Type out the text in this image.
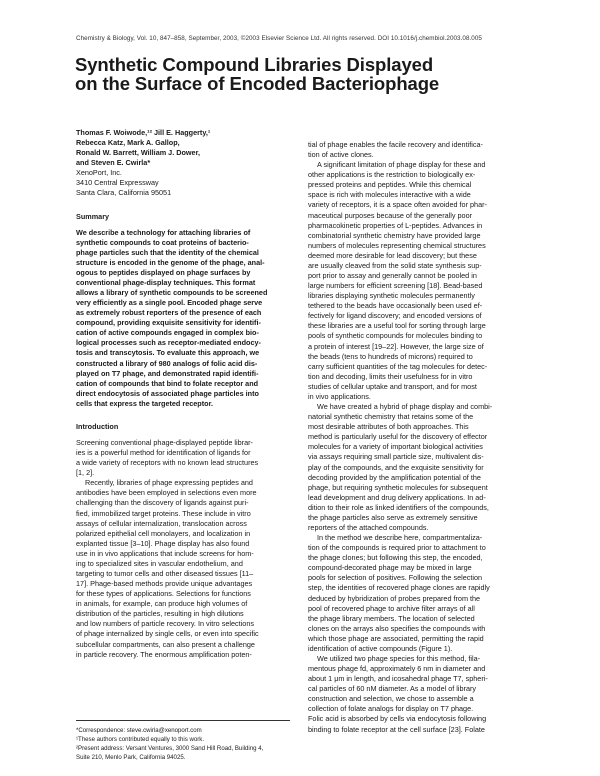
Chemistry & Biology, Vol. 10, 847–858, September, 2003, ©2003 Elsevier Science Ltd. All rights reserved. DOI 10.1016/j.chembiol.2003.08.005
Synthetic Compound Libraries Displayed
on the Surface of Encoded Bacteriophage
Thomas F. Woiwode,¹² Jill E. Haggerty,¹
Rebecca Katz, Mark A. Gallop,
Ronald W. Barrett, William J. Dower,
and Steven E. Cwirla*
XenoPort, Inc.
3410 Central Expressway
Santa Clara, California 95051
Summary
We describe a technology for attaching libraries of
synthetic compounds to coat proteins of bacterio-
phage particles such that the identity of the chemical
structure is encoded in the genome of the phage, anal-
ogous to peptides displayed on phage surfaces by
conventional phage-display techniques. This format
allows a library of synthetic compounds to be screened
very efficiently as a single pool. Encoded phage serve
as extremely robust reporters of the presence of each
compound, providing exquisite sensitivity for identifi-
cation of active compounds engaged in complex bio-
logical processes such as receptor-mediated endocy-
tosis and transcytosis. To evaluate this approach, we
constructed a library of 980 analogs of folic acid dis-
played on T7 phage, and demonstrated rapid identifi-
cation of compounds that bind to folate receptor and
direct endocytosis of associated phage particles into
cells that express the targeted receptor.
Introduction
Screening conventional phage-displayed peptide librar-
ies is a powerful method for identification of ligands for
a wide variety of receptors with no known lead structures
[1, 2].
Recently, libraries of phage expressing peptides and
antibodies have been employed in selections even more
challenging than the discovery of ligands against puri-
fied, immobilized target proteins. These include in vitro
assays of cellular internalization, translocation across
polarized epithelial cell monolayers, and localization in
explanted tissue [3–10]. Phage display has also found
use in in vivo applications that include screens for hom-
ing to specialized sites in vascular endothelium, and
targeting to tumor cells and other diseased tissues [11–
17]. Phage-based methods provide unique advantages
for these types of applications. Selections for functions
in animals, for example, can produce high volumes of
distribution of the particles, resulting in high dilutions
and low numbers of particle recovery. In vitro selections
of phage internalized by single cells, or even into specific
subcellular compartments, can also present a challenge
in particle recovery. The enormous amplification poten-
*Correspondence: steve.cwirla@xenoport.com
¹These authors contributed equally to this work.
²Present address: Versant Ventures, 3000 Sand Hill Road, Building 4,
Suite 210, Menlo Park, California 94025.
tial of phage enables the facile recovery and identifica-
tion of active clones.
A significant limitation of phage display for these and
other applications is the restriction to biologically ex-
pressed proteins and peptides. While this chemical
space is rich with molecules interactive with a wide
variety of receptors, it is a space often avoided for phar-
maceutical purposes because of the generally poor
pharmacokinetic properties of L-peptides. Advances in
combinatorial synthetic chemistry have provided large
numbers of molecules representing chemical structures
deemed more desirable for lead discovery; but these
are usually cleaved from the solid state synthesis sup-
port prior to assay and generally cannot be pooled in
large numbers for efficient screening [18]. Bead-based
libraries displaying synthetic molecules permanently
tethered to the beads have occasionally been used ef-
fectively for ligand discovery; and encoded versions of
these libraries are a useful tool for sorting through large
pools of synthetic compounds for molecules binding to
a protein of interest [19–22]. However, the large size of
the beads (tens to hundreds of microns) required to
carry sufficient quantities of the tag molecules for detec-
tion and decoding, limits their usefulness for in vitro
studies of cellular uptake and transport, and for most
in vivo applications.
We have created a hybrid of phage display and combi-
natorial synthetic chemistry that retains some of the
most desirable attributes of both approaches. This
method is particularly useful for the discovery of effector
molecules for a variety of important biological activities
via assays requiring small particle size, multivalent dis-
play of the compounds, and the exquisite sensitivity for
decoding provided by the amplification potential of the
phage, but requiring synthetic molecules for subsequent
lead development and drug delivery applications. In ad-
dition to their role as linked identifiers of the compounds,
the phage particles also serve as extremely sensitive
reporters of the attached compounds.
In the method we describe here, compartmentaliza-
tion of the compounds is required prior to attachment to
the phage clones; but following this step, the encoded,
compound-decorated phage may be mixed in large
pools for selection of positives. Following the selection
step, the identities of recovered phage clones are rapidly
deduced by hybridization of probes prepared from the
pool of recovered phage to archive filter arrays of all
the phage library members. The location of selected
clones on the arrays also specifies the compounds with
which those phage are associated, permitting the rapid
identification of active compounds (Figure 1).
We utilized two phage species for this method, fila-
mentous phage fd, approximately 6 nm in diameter and
about 1 μm in length, and icosahedral phage T7, spheri-
cal particles of 60 nM diameter. As a model of library
construction and selection, we chose to assemble a
collection of folate analogs for display on T7 phage.
Folic acid is absorbed by cells via endocytosis following
binding to folate receptor at the cell surface [23]. Folate
